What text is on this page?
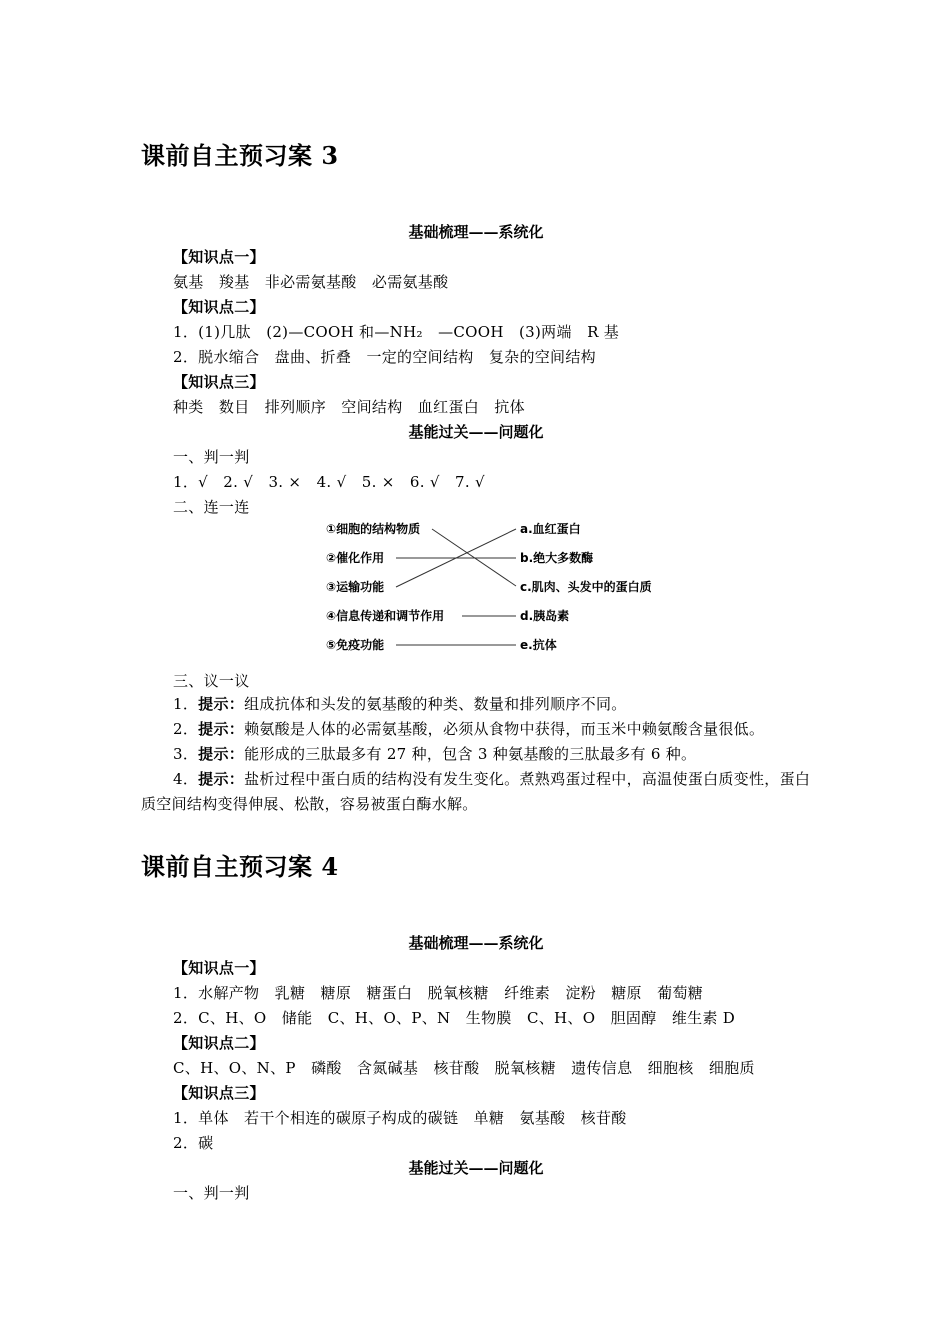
课前自主预习案 3
基础梳理——系统化
【知识点一】
氨基　羧基　非必需氨基酸　必需氨基酸
【知识点二】
1．(1)几肽　(2)—COOH 和—NH₂　—COOH　(3)两端　R 基
2．脱水缩合　盘曲、折叠　一定的空间结构　复杂的空间结构
【知识点三】
种类　数目　排列顺序　空间结构　血红蛋白　抗体
基能过关——问题化
一、判一判
1．√　2. √　3. ×　4. √　5. ×　6. √　7. √
二、连一连
①细胞的结构物质
②催化作用
③运输功能
④信息传递和调节作用
⑤免疫功能
a.血红蛋白
b.绝大多数酶
c.肌肉、头发中的蛋白质
d.胰岛素
e.抗体
三、议一议
1．提示：组成抗体和头发的氨基酸的种类、数量和排列顺序不同。
2．提示：赖氨酸是人体的必需氨基酸，必须从食物中获得，而玉米中赖氨酸含量很低。
3．提示：能形成的三肽最多有 27 种，包含 3 种氨基酸的三肽最多有 6 种。
4．提示：盐析过程中蛋白质的结构没有发生变化。煮熟鸡蛋过程中，高温使蛋白质变性，蛋白质空间结构变得伸展、松散，容易被蛋白酶水解。
课前自主预习案 4
基础梳理——系统化
【知识点一】
1．水解产物　乳糖　糖原　糖蛋白　脱氧核糖　纤维素　淀粉　糖原　葡萄糖
2．C、H、O　储能　C、H、O、P、N　生物膜　C、H、O　胆固醇　维生素 D
【知识点二】
C、H、O、N、P　磷酸　含氮碱基　核苷酸　脱氧核糖　遗传信息　细胞核　细胞质
【知识点三】
1．单体　若干个相连的碳原子构成的碳链　单糖　氨基酸　核苷酸
2．碳
基能过关——问题化
一、判一判
